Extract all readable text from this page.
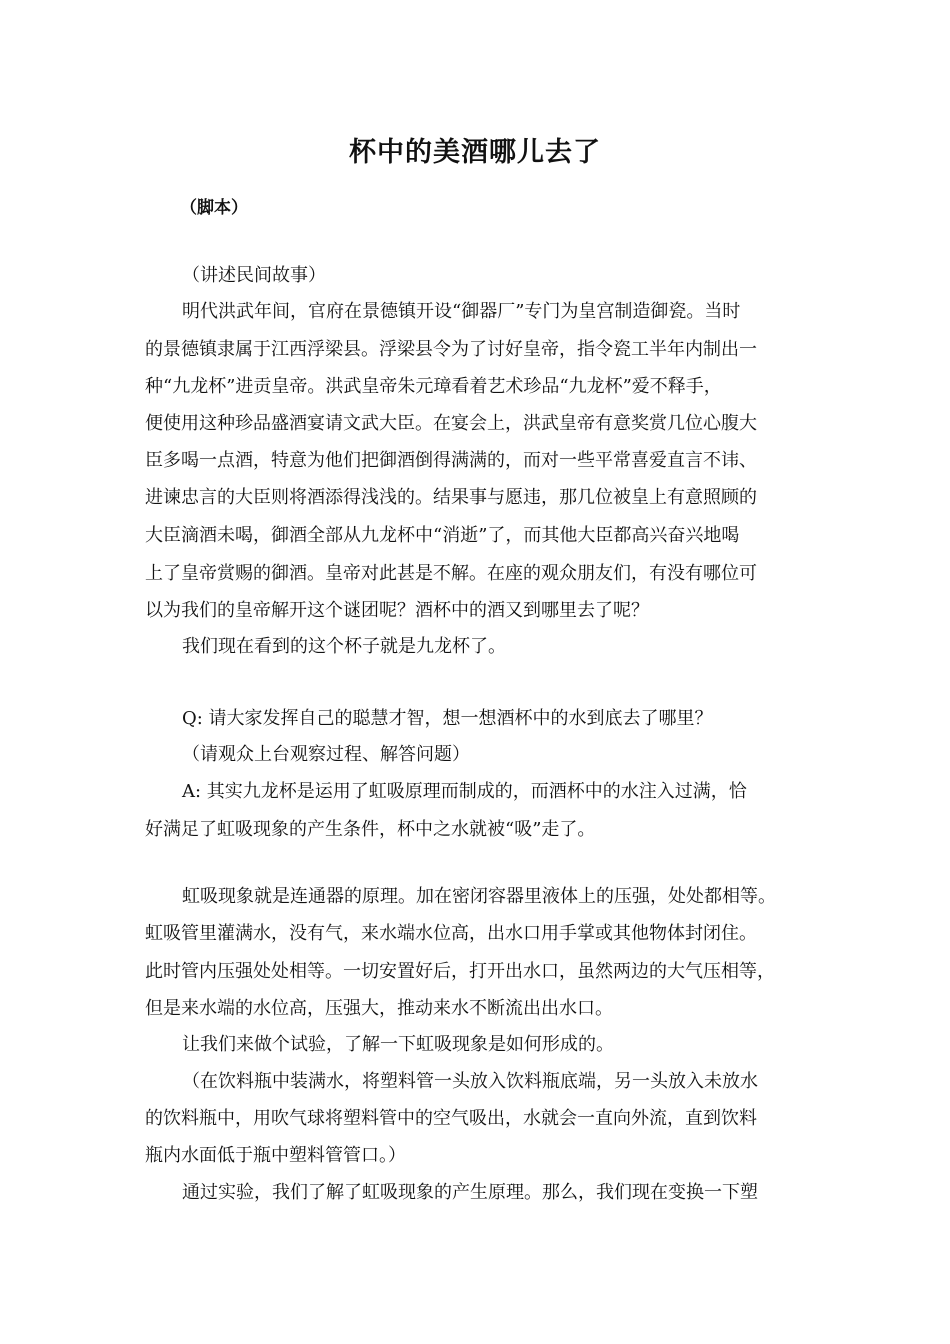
杯中的美酒哪儿去了
（脚本）
（讲述民间故事）
明代洪武年间，官府在景德镇开设“御器厂”专门为皇宫制造御瓷。当时
的景德镇隶属于江西浮梁县。浮梁县令为了讨好皇帝，指令瓷工半年内制出一
种“九龙杯”进贡皇帝。洪武皇帝朱元璋看着艺术珍品“九龙杯”爱不释手，
便使用这种珍品盛酒宴请文武大臣。在宴会上，洪武皇帝有意奖赏几位心腹大
臣多喝一点酒，特意为他们把御酒倒得满满的，而对一些平常喜爱直言不讳、
进谏忠言的大臣则将酒添得浅浅的。结果事与愿违，那几位被皇上有意照顾的
大臣滴酒未喝，御酒全部从九龙杯中“消逝”了，而其他大臣都高兴奋兴地喝
上了皇帝赏赐的御酒。皇帝对此甚是不解。在座的观众朋友们，有没有哪位可
以为我们的皇帝解开这个谜团呢？酒杯中的酒又到哪里去了呢？
我们现在看到的这个杯子就是九龙杯了。
Q: 请大家发挥自己的聪慧才智，想一想酒杯中的水到底去了哪里？
（请观众上台观察过程、解答问题）
A: 其实九龙杯是运用了虹吸原理而制成的，而酒杯中的水注入过满，恰
好满足了虹吸现象的产生条件，杯中之水就被“吸”走了。
虹吸现象就是连通器的原理。加在密闭容器里液体上的压强，处处都相等。
虹吸管里灌满水，没有气，来水端水位高，出水口用手掌或其他物体封闭住。
此时管内压强处处相等。一切安置好后，打开出水口，虽然两边的大气压相等，
但是来水端的水位高，压强大，推动来水不断流出出水口。
让我们来做个试验，了解一下虹吸现象是如何形成的。
（在饮料瓶中装满水，将塑料管一头放入饮料瓶底端，另一头放入未放水
的饮料瓶中，用吹气球将塑料管中的空气吸出，水就会一直向外流，直到饮料
瓶内水面低于瓶中塑料管管口。）
通过实验，我们了解了虹吸现象的产生原理。那么，我们现在变换一下塑
